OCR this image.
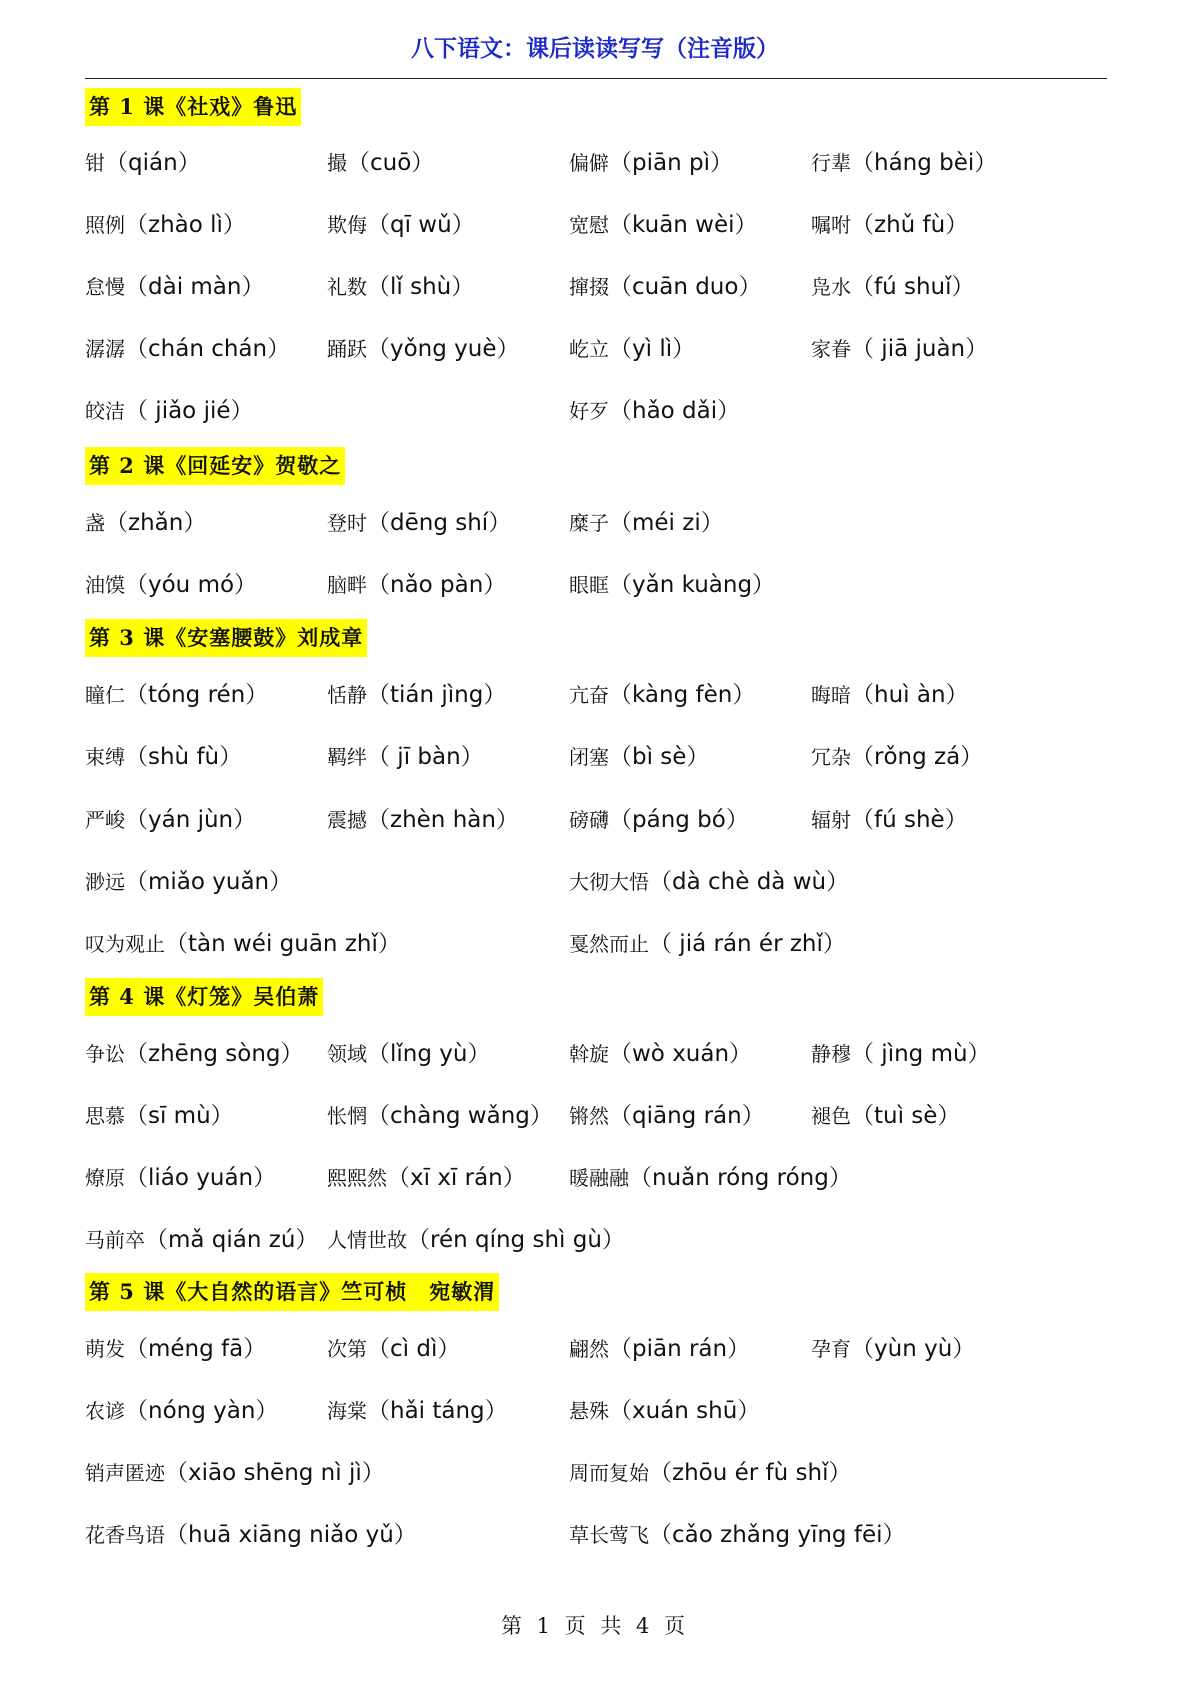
八下语文：课后读读写写（注音版）
第 1 课《社戏》鲁迅
钳（qián）	撮（cuō）	偏僻（piān pì）	行辈（háng bèi）
照例（zhào lì）	欺侮（qī wǔ）	宽慰（kuān wèi）	嘱咐（zhǔ fù）
怠慢（dài màn）	礼数（lǐ shù）	撺掇（cuān duo） 凫水（fú shuǐ）
潺潺（chán chán） 踊跃（yǒng yuè） 屹立（yì lì）	家眷（ jiā juàn）
皎洁（ jiǎo jié）	好歹（hǎo dǎi）
第 2 课《回延安》贺敬之
盏（zhǎn）	登时（dēng shí）	糜子（méi zi）
油馍（yóu mó）	脑畔（nǎo pàn）	眼眶（yǎn kuàng）
第 3 课《安塞腰鼓》刘成章
瞳仁（tóng rén）	恬静（tián jìng）	亢奋（kàng fèn）	晦暗（huì àn）
束缚（shù fù）	羁绊（ jī bàn）	闭塞（bì sè）	冗杂（rǒng zá）
严峻（yán jùn）	震撼（zhèn hàn）	磅礴（páng bó）	辐射（fú shè）
渺远（miǎo yuǎn）	大彻大悟（dà chè dà wù）
叹为观止（tàn wéi guān zhǐ）	戛然而止（ jiá rán ér zhǐ）
第 4 课《灯笼》吴伯萧
争讼（zhēng sòng） 领域（lǐng yù）	斡旋（wò xuán）	静穆（ jìng mù）
思慕（sī mù）	怅惘（chàng wǎng） 锵然（qiāng rán） 褪色（tuì sè）
燎原（liáo yuán）	熙熙然（xī xī rán） 暖融融（nuǎn róng róng）
马前卒（mǎ qián zú） 人情世故（rén qíng shì gù）
第 5 课《大自然的语言》竺可桢　宛敏渭
萌发（méng fā）	次第（cì dì）	翩然（piān rán）	孕育（yùn yù）
农谚（nóng yàn） 海棠（hǎi táng）	悬殊（xuán shū）
销声匿迹（xiāo shēng nì jì）	周而复始（zhōu ér fù shǐ）
花香鸟语（huā xiāng niǎo yǔ）	草长莺飞（cǎo zhǎng yīng fēi）
第 1 页 共 4 页
